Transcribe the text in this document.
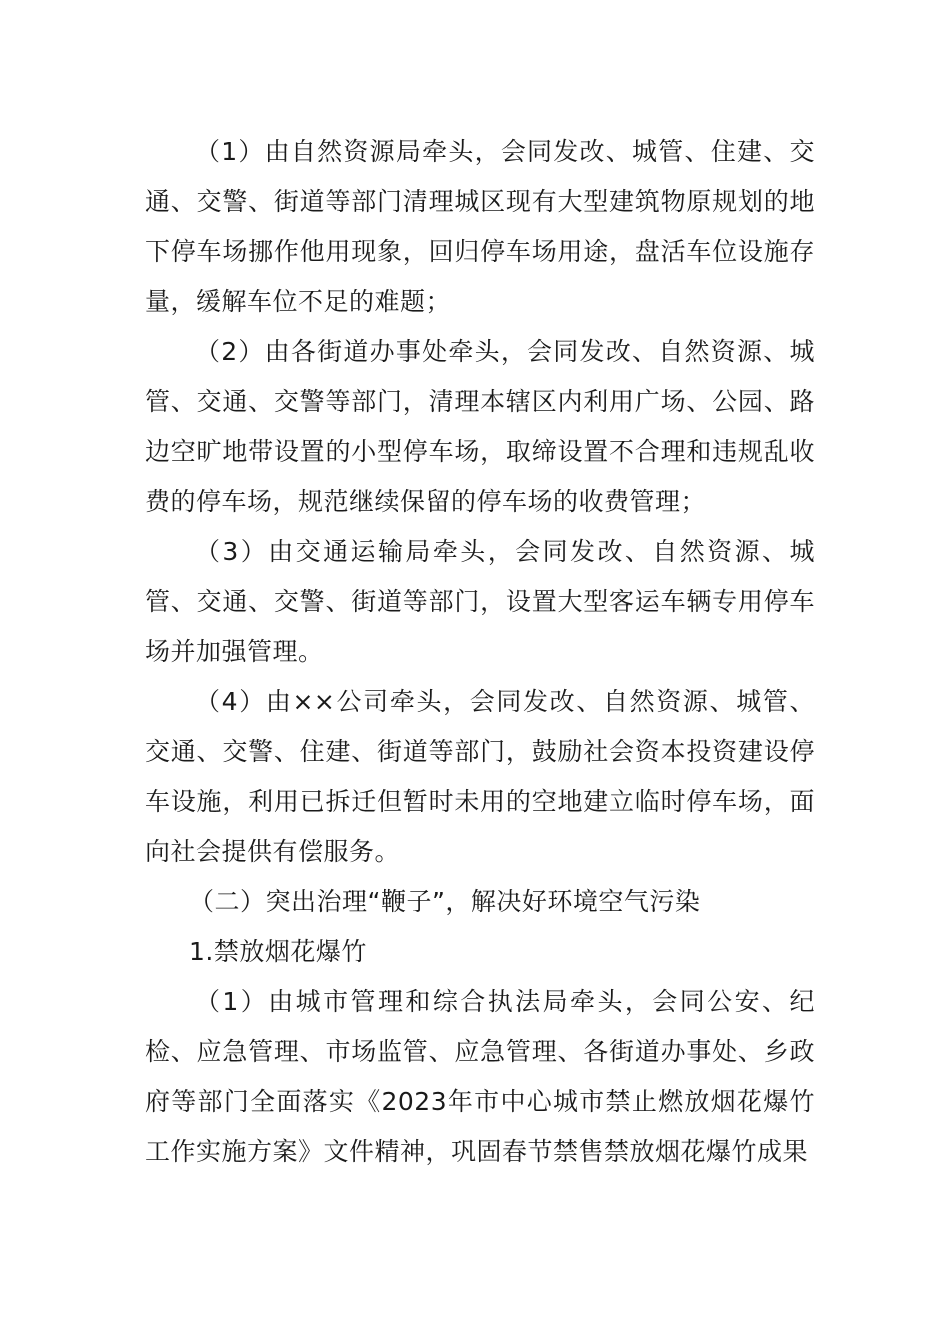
（1）由自然资源局牵头，会同发改、城管、住建、交通、交警、街道等部门清理城区现有大型建筑物原规划的地下停车场挪作他用现象，回归停车场用途，盘活车位设施存量，缓解车位不足的难题；

（2）由各街道办事处牵头，会同发改、自然资源、城管、交通、交警等部门，清理本辖区内利用广场、公园、路边空旷地带设置的小型停车场，取缔设置不合理和违规乱收费的停车场，规范继续保留的停车场的收费管理；

（3）由交通运输局牵头，会同发改、自然资源、城管、交通、交警、街道等部门，设置大型客运车辆专用停车场并加强管理。

（4）由××公司牵头，会同发改、自然资源、城管、交通、交警、住建、街道等部门，鼓励社会资本投资建设停车设施，利用已拆迁但暂时未用的空地建立临时停车场，面向社会提供有偿服务。

（二）突出治理“鞭子”，解决好环境空气污染

1.禁放烟花爆竹

（1）由城市管理和综合执法局牵头，会同公安、纪检、应急管理、市场监管、应急管理、各街道办事处、乡政府等部门全面落实《2023年市中心城市禁止燃放烟花爆竹工作实施方案》文件精神，巩固春节禁售禁放烟花爆竹成果
